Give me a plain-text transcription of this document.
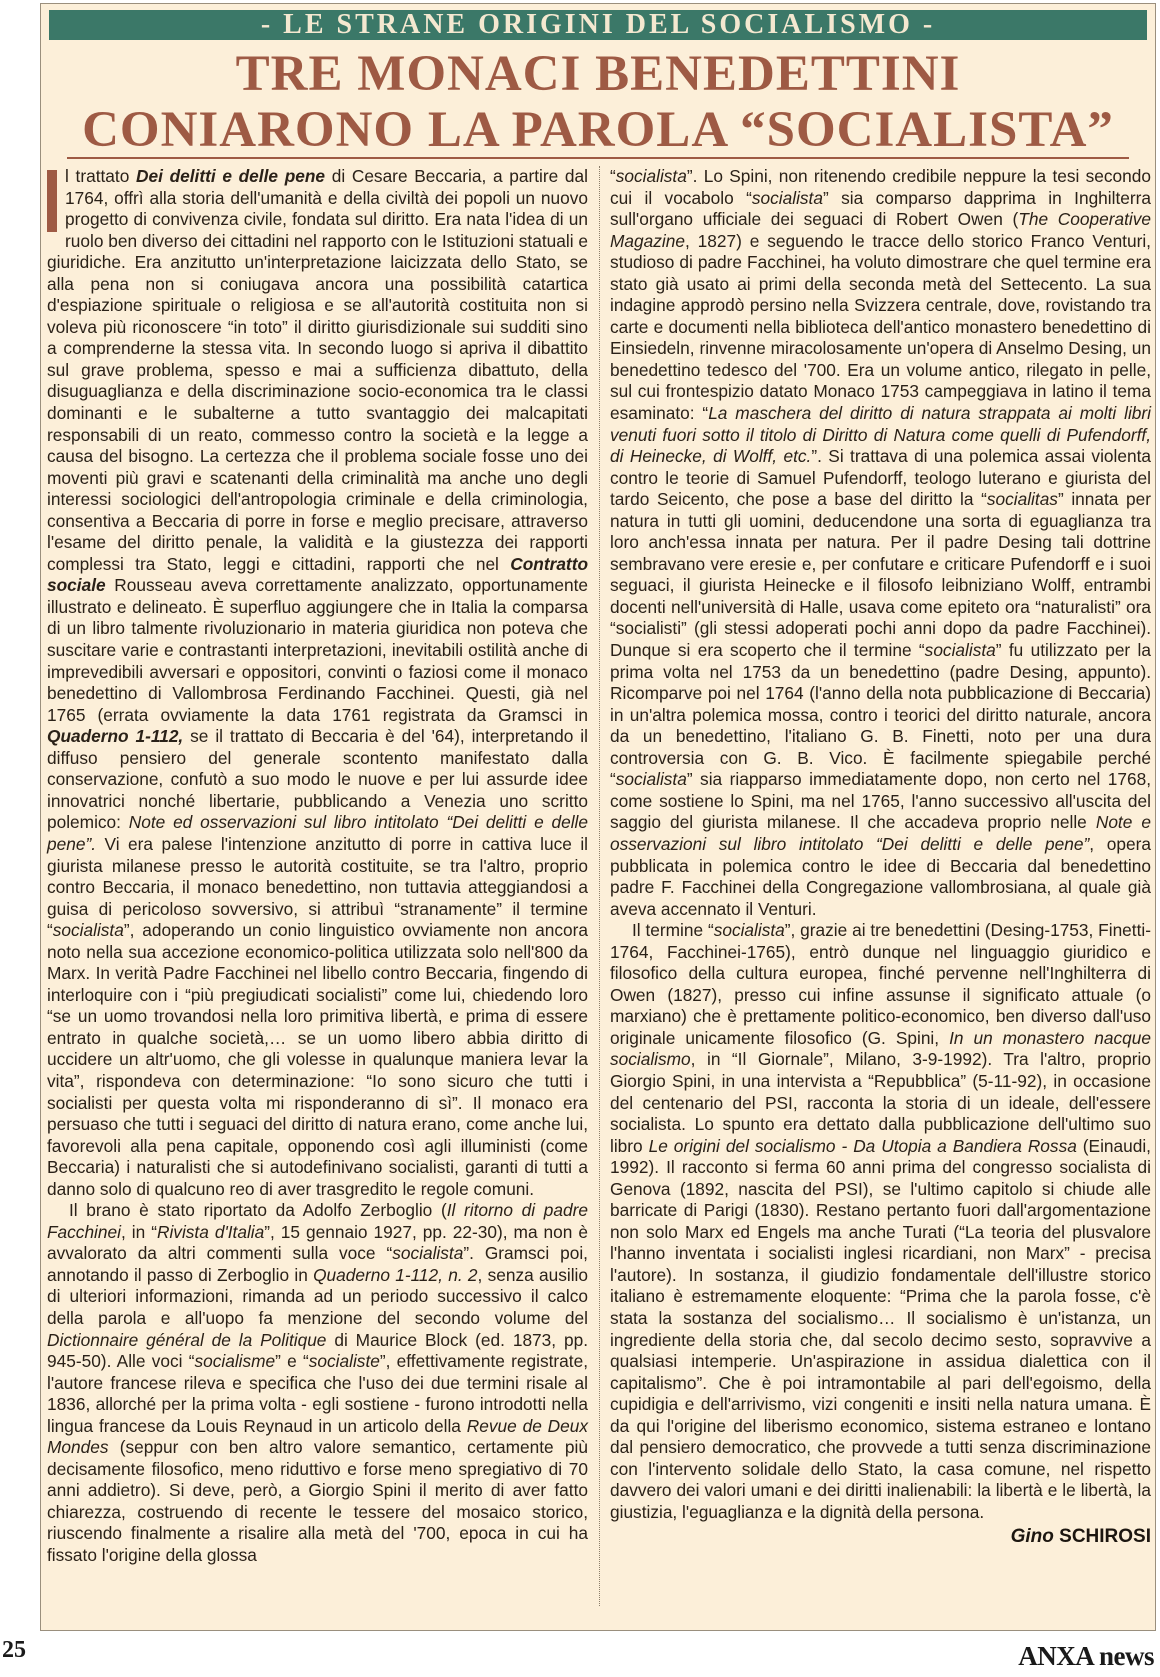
- LE STRANE ORIGINI DEL SOCIALISMO -
TRE MONACI BENEDETTINI
CONIARONO LA PAROLA “SOCIALISTA”

l trattato Dei delitti e delle pene di Cesare Beccaria, a partire dal 1764, offrì alla storia dell'umanità e della civiltà dei popoli un nuovo progetto di convivenza civile, fondata sul diritto. Era nata l'idea di un ruolo ben diverso dei cittadini nel rapporto con le Istituzioni statuali e giuridiche. Era anzitutto un'interpretazione laicizzata dello Stato, se alla pena non si coniugava ancora una possibilità catartica d'espiazione spirituale o religiosa e se all'autorità costituita non si voleva più riconoscere “in toto” il diritto giurisdizionale sui sudditi sino a comprenderne la stessa vita. In secondo luogo si apriva il dibattito sul grave problema, spesso e mai a sufficienza dibattuto, della disuguaglianza e della discriminazione socio-economica tra le classi dominanti e le subalterne a tutto svantaggio dei malcapitati responsabili di un reato, commesso contro la società e la legge a causa del bisogno. La certezza che il problema sociale fosse uno dei moventi più gravi e scatenanti della criminalità ma anche uno degli interessi sociologici dell'antropologia criminale e della criminologia, consentiva a Beccaria di porre in forse e meglio precisare, attraverso l'esame del diritto penale, la validità e la giustezza dei rapporti complessi tra Stato, leggi e cittadini, rapporti che nel Contratto sociale Rousseau aveva correttamente analizzato, opportunamente illustrato e delineato. È superfluo aggiungere che in Italia la comparsa di un libro talmente rivoluzionario in materia giuridica non poteva che suscitare varie e contrastanti interpretazioni, inevitabili ostilità anche di imprevedibili avversari e oppositori, convinti o faziosi come il monaco benedettino di Vallombrosa Ferdinando Facchinei. Questi, già nel 1765 (errata ovviamente la data 1761 registrata da Gramsci in Quaderno 1-112, se il trattato di Beccaria è del '64), interpretando il diffuso pensiero del generale scontento manifestato dalla conservazione, confutò a suo modo le nuove e per lui assurde idee innovatrici nonché libertarie, pubblicando a Venezia uno scritto polemico: Note ed osservazioni sul libro intitolato “Dei delitti e delle pene”. Vi era palese l'intenzione anzitutto di porre in cattiva luce il giurista milanese presso le autorità costituite, se tra l'altro, proprio contro Beccaria, il monaco benedettino, non tuttavia atteggiandosi a guisa di pericoloso sovversivo, si attribuì “stranamente” il termine “socialista”, adoperando un conio linguistico ovviamente non ancora noto nella sua accezione economico-politica utilizzata solo nell'800 da Marx. In verità Padre Facchinei nel libello contro Beccaria, fingendo di interloquire con i “più pregiudicati socialisti” come lui, chiedendo loro “se un uomo trovandosi nella loro primitiva libertà, e prima di essere entrato in qualche società,… se un uomo libero abbia diritto di uccidere un altr'uomo, che gli volesse in qualunque maniera levar la vita”, rispondeva con determinazione: “Io sono sicuro che tutti i socialisti per questa volta mi risponderanno di sì”. Il monaco era persuaso che tutti i seguaci del diritto di natura erano, come anche lui, favorevoli alla pena capitale, opponendo così agli illuministi (come Beccaria) i naturalisti che si autodefinivano socialisti, garanti di tutti a danno solo di qualcuno reo di aver trasgredito le regole comuni.

Il brano è stato riportato da Adolfo Zerboglio (Il ritorno di padre Facchinei, in “Rivista d'Italia”, 15 gennaio 1927, pp. 22-30), ma non è avvalorato da altri commenti sulla voce “socialista”. Gramsci poi, annotando il passo di Zerboglio in Quaderno 1-112, n. 2, senza ausilio di ulteriori informazioni, rimanda ad un periodo successivo il calco della parola e all'uopo fa menzione del secondo volume del Dictionnaire général de la Politique di Maurice Block (ed. 1873, pp. 945-50). Alle voci “socialisme” e “socialiste”, effettivamente registrate, l'autore francese rileva e specifica che l'uso dei due termini risale al 1836, allorché per la prima volta - egli sostiene - furono introdotti nella lingua francese da Louis Reynaud in un articolo della Revue de Deux Mondes (seppur con ben altro valore semantico, certamente più decisamente filosofico, meno riduttivo e forse meno spregiativo di 70 anni addietro). Si deve, però, a Giorgio Spini il merito di aver fatto chiarezza, costruendo di recente le tessere del mosaico storico, riuscendo finalmente a risalire alla metà del '700, epoca in cui ha fissato l'origine della glossa

“socialista”. Lo Spini, non ritenendo credibile neppure la tesi secondo cui il vocabolo “socialista” sia comparso dapprima in Inghilterra sull'organo ufficiale dei seguaci di Robert Owen (The Cooperative Magazine, 1827) e seguendo le tracce dello storico Franco Venturi, studioso di padre Facchinei, ha voluto dimostrare che quel termine era stato già usato ai primi della seconda metà del Settecento. La sua indagine approdò persino nella Svizzera centrale, dove, rovistando tra carte e documenti nella biblioteca dell'antico monastero benedettino di Einsiedeln, rinvenne miracolosamente un'opera di Anselmo Desing, un benedettino tedesco del '700. Era un volume antico, rilegato in pelle, sul cui frontespizio datato Monaco 1753 campeggiava in latino il tema esaminato: “La maschera del diritto di natura strappata ai molti libri venuti fuori sotto il titolo di Diritto di Natura come quelli di Pufendorff, di Heinecke, di Wolff, etc.”. Si trattava di una polemica assai violenta contro le teorie di Samuel Pufendorff, teologo luterano e giurista del tardo Seicento, che pose a base del diritto la “socialitas” innata per natura in tutti gli uomini, deducendone una sorta di eguaglianza tra loro anch'essa innata per natura. Per il padre Desing tali dottrine sembravano vere eresie e, per confutare e criticare Pufendorff e i suoi seguaci, il giurista Heinecke e il filosofo leibniziano Wolff, entrambi docenti nell'università di Halle, usava come epiteto ora “naturalisti” ora “socialisti” (gli stessi adoperati pochi anni dopo da padre Facchinei). Dunque si era scoperto che il termine “socialista” fu utilizzato per la prima volta nel 1753 da un benedettino (padre Desing, appunto). Ricomparve poi nel 1764 (l'anno della nota pubblicazione di Beccaria) in un'altra polemica mossa, contro i teorici del diritto naturale, ancora da un benedettino, l'italiano G. B. Finetti, noto per una dura controversia con G. B. Vico. È facilmente spiegabile perché “socialista” sia riapparso immediatamente dopo, non certo nel 1768, come sostiene lo Spini, ma nel 1765, l'anno successivo all'uscita del saggio del giurista milanese. Il che accadeva proprio nelle Note e osservazioni sul libro intitolato “Dei delitti e delle pene”, opera pubblicata in polemica contro le idee di Beccaria dal benedettino padre F. Facchinei della Congregazione vallombrosiana, al quale già aveva accennato il Venturi.

Il termine “socialista”, grazie ai tre benedettini (Desing-1753, Finetti-1764, Facchinei-1765), entrò dunque nel linguaggio giuridico e filosofico della cultura europea, finché pervenne nell'Inghilterra di Owen (1827), presso cui infine assunse il significato attuale (o marxiano) che è prettamente politico-economico, ben diverso dall'uso originale unicamente filosofico (G. Spini, In un monastero nacque socialismo, in “Il Giornale”, Milano, 3-9-1992). Tra l'altro, proprio Giorgio Spini, in una intervista a “Repubblica” (5-11-92), in occasione del centenario del PSI, racconta la storia di un ideale, dell'essere socialista. Lo spunto era dettato dalla pubblicazione dell'ultimo suo libro Le origini del socialismo - Da Utopia a Bandiera Rossa (Einaudi, 1992). Il racconto si ferma 60 anni prima del congresso socialista di Genova (1892, nascita del PSI), se l'ultimo capitolo si chiude alle barricate di Parigi (1830). Restano pertanto fuori dall'argomentazione non solo Marx ed Engels ma anche Turati (“La teoria del plusvalore l'hanno inventata i socialisti inglesi ricardiani, non Marx” - precisa l'autore). In sostanza, il giudizio fondamentale dell'illustre storico italiano è estremamente eloquente: “Prima che la parola fosse, c'è stata la sostanza del socialismo… Il socialismo è un'istanza, un ingrediente della storia che, dal secolo decimo sesto, sopravvive a qualsiasi intemperie. Un'aspirazione in assidua dialettica con il capitalismo”. Che è poi intramontabile al pari dell'egoismo, della cupidigia e dell'arrivismo, vizi congeniti e insiti nella natura umana. È da qui l'origine del liberismo economico, sistema estraneo e lontano dal pensiero democratico, che provvede a tutti senza discriminazione con l'intervento solidale dello Stato, la casa comune, nel rispetto davvero dei valori umani e dei diritti inalienabili: la libertà e le libertà, la giustizia, l'eguaglianza e la dignità della persona.

Gino SCHIROSI
25	ANXA news
